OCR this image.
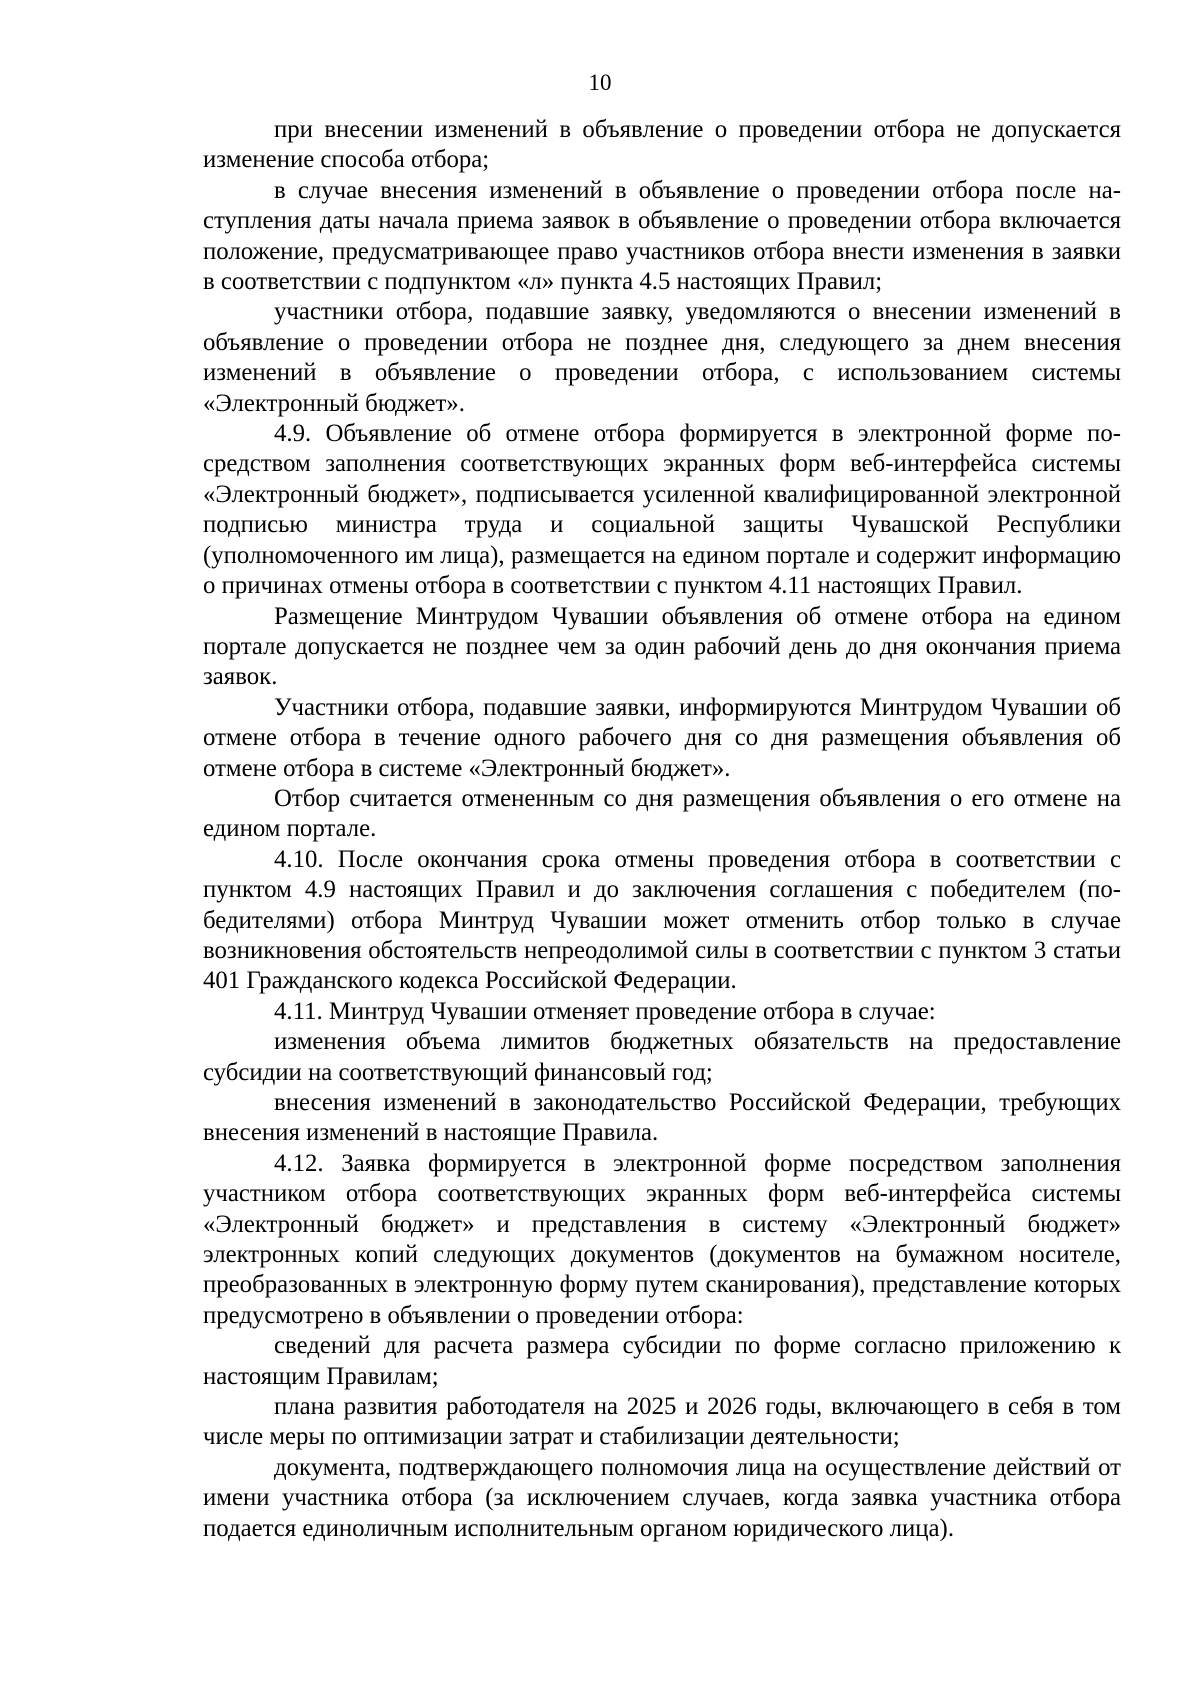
10

при внесении изменений в объявление о проведении отбора не допускается изменение способа отбора;

в случае внесения изменений в объявление о проведении отбора после наступления даты начала приема заявок в объявление о проведении отбора включается положение, предусматривающее право участников отбора внести изменения в заявки в соответствии с подпунктом «л» пункта 4.5 настоящих Правил;

участники отбора, подавшие заявку, уведомляются о внесении изменений в объявление о проведении отбора не позднее дня, следующего за днем внесения изменений в объявление о проведении отбора, с использованием системы «Электронный бюджет».

4.9. Объявление об отмене отбора формируется в электронной форме посредством заполнения соответствующих экранных форм веб-интерфейса системы «Электронный бюджет», подписывается усиленной квалифицированной электронной подписью министра труда и социальной защиты Чувашской Республики (уполномоченного им лица), размещается на едином портале и содержит информацию о причинах отмены отбора в соответствии с пунктом 4.11 настоящих Правил.

Размещение Минтрудом Чувашии объявления об отмене отбора на едином портале допускается не позднее чем за один рабочий день до дня окончания приема заявок.

Участники отбора, подавшие заявки, информируются Минтрудом Чувашии об отмене отбора в течение одного рабочего дня со дня размещения объявления об отмене отбора в системе «Электронный бюджет».

Отбор считается отмененным со дня размещения объявления о его отмене на едином портале.

4.10. После окончания срока отмены проведения отбора в соответствии с пунктом 4.9 настоящих Правил и до заключения соглашения с победителем (победителями) отбора Минтруд Чувашии может отменить отбор только в случае возникновения обстоятельств непреодолимой силы в соответствии с пунктом 3 статьи 401 Гражданского кодекса Российской Федерации.

4.11. Минтруд Чувашии отменяет проведение отбора в случае:

изменения объема лимитов бюджетных обязательств на предоставление субсидии на соответствующий финансовый год;

внесения изменений в законодательство Российской Федерации, требующих внесения изменений в настоящие Правила.

4.12. Заявка формируется в электронной форме посредством заполнения участником отбора соответствующих экранных форм веб-интерфейса системы «Электронный бюджет» и представления в систему «Электронный бюджет» электронных копий следующих документов (документов на бумажном носителе, преобразованных в электронную форму путем сканирования), представление которых предусмотрено в объявлении о проведении отбора:

сведений для расчета размера субсидии по форме согласно приложению к настоящим Правилам;

плана развития работодателя на 2025 и 2026 годы, включающего в себя в том числе меры по оптимизации затрат и стабилизации деятельности;

документа, подтверждающего полномочия лица на осуществление действий от имени участника отбора (за исключением случаев, когда заявка участника отбора подается единоличным исполнительным органом юридического лица).
